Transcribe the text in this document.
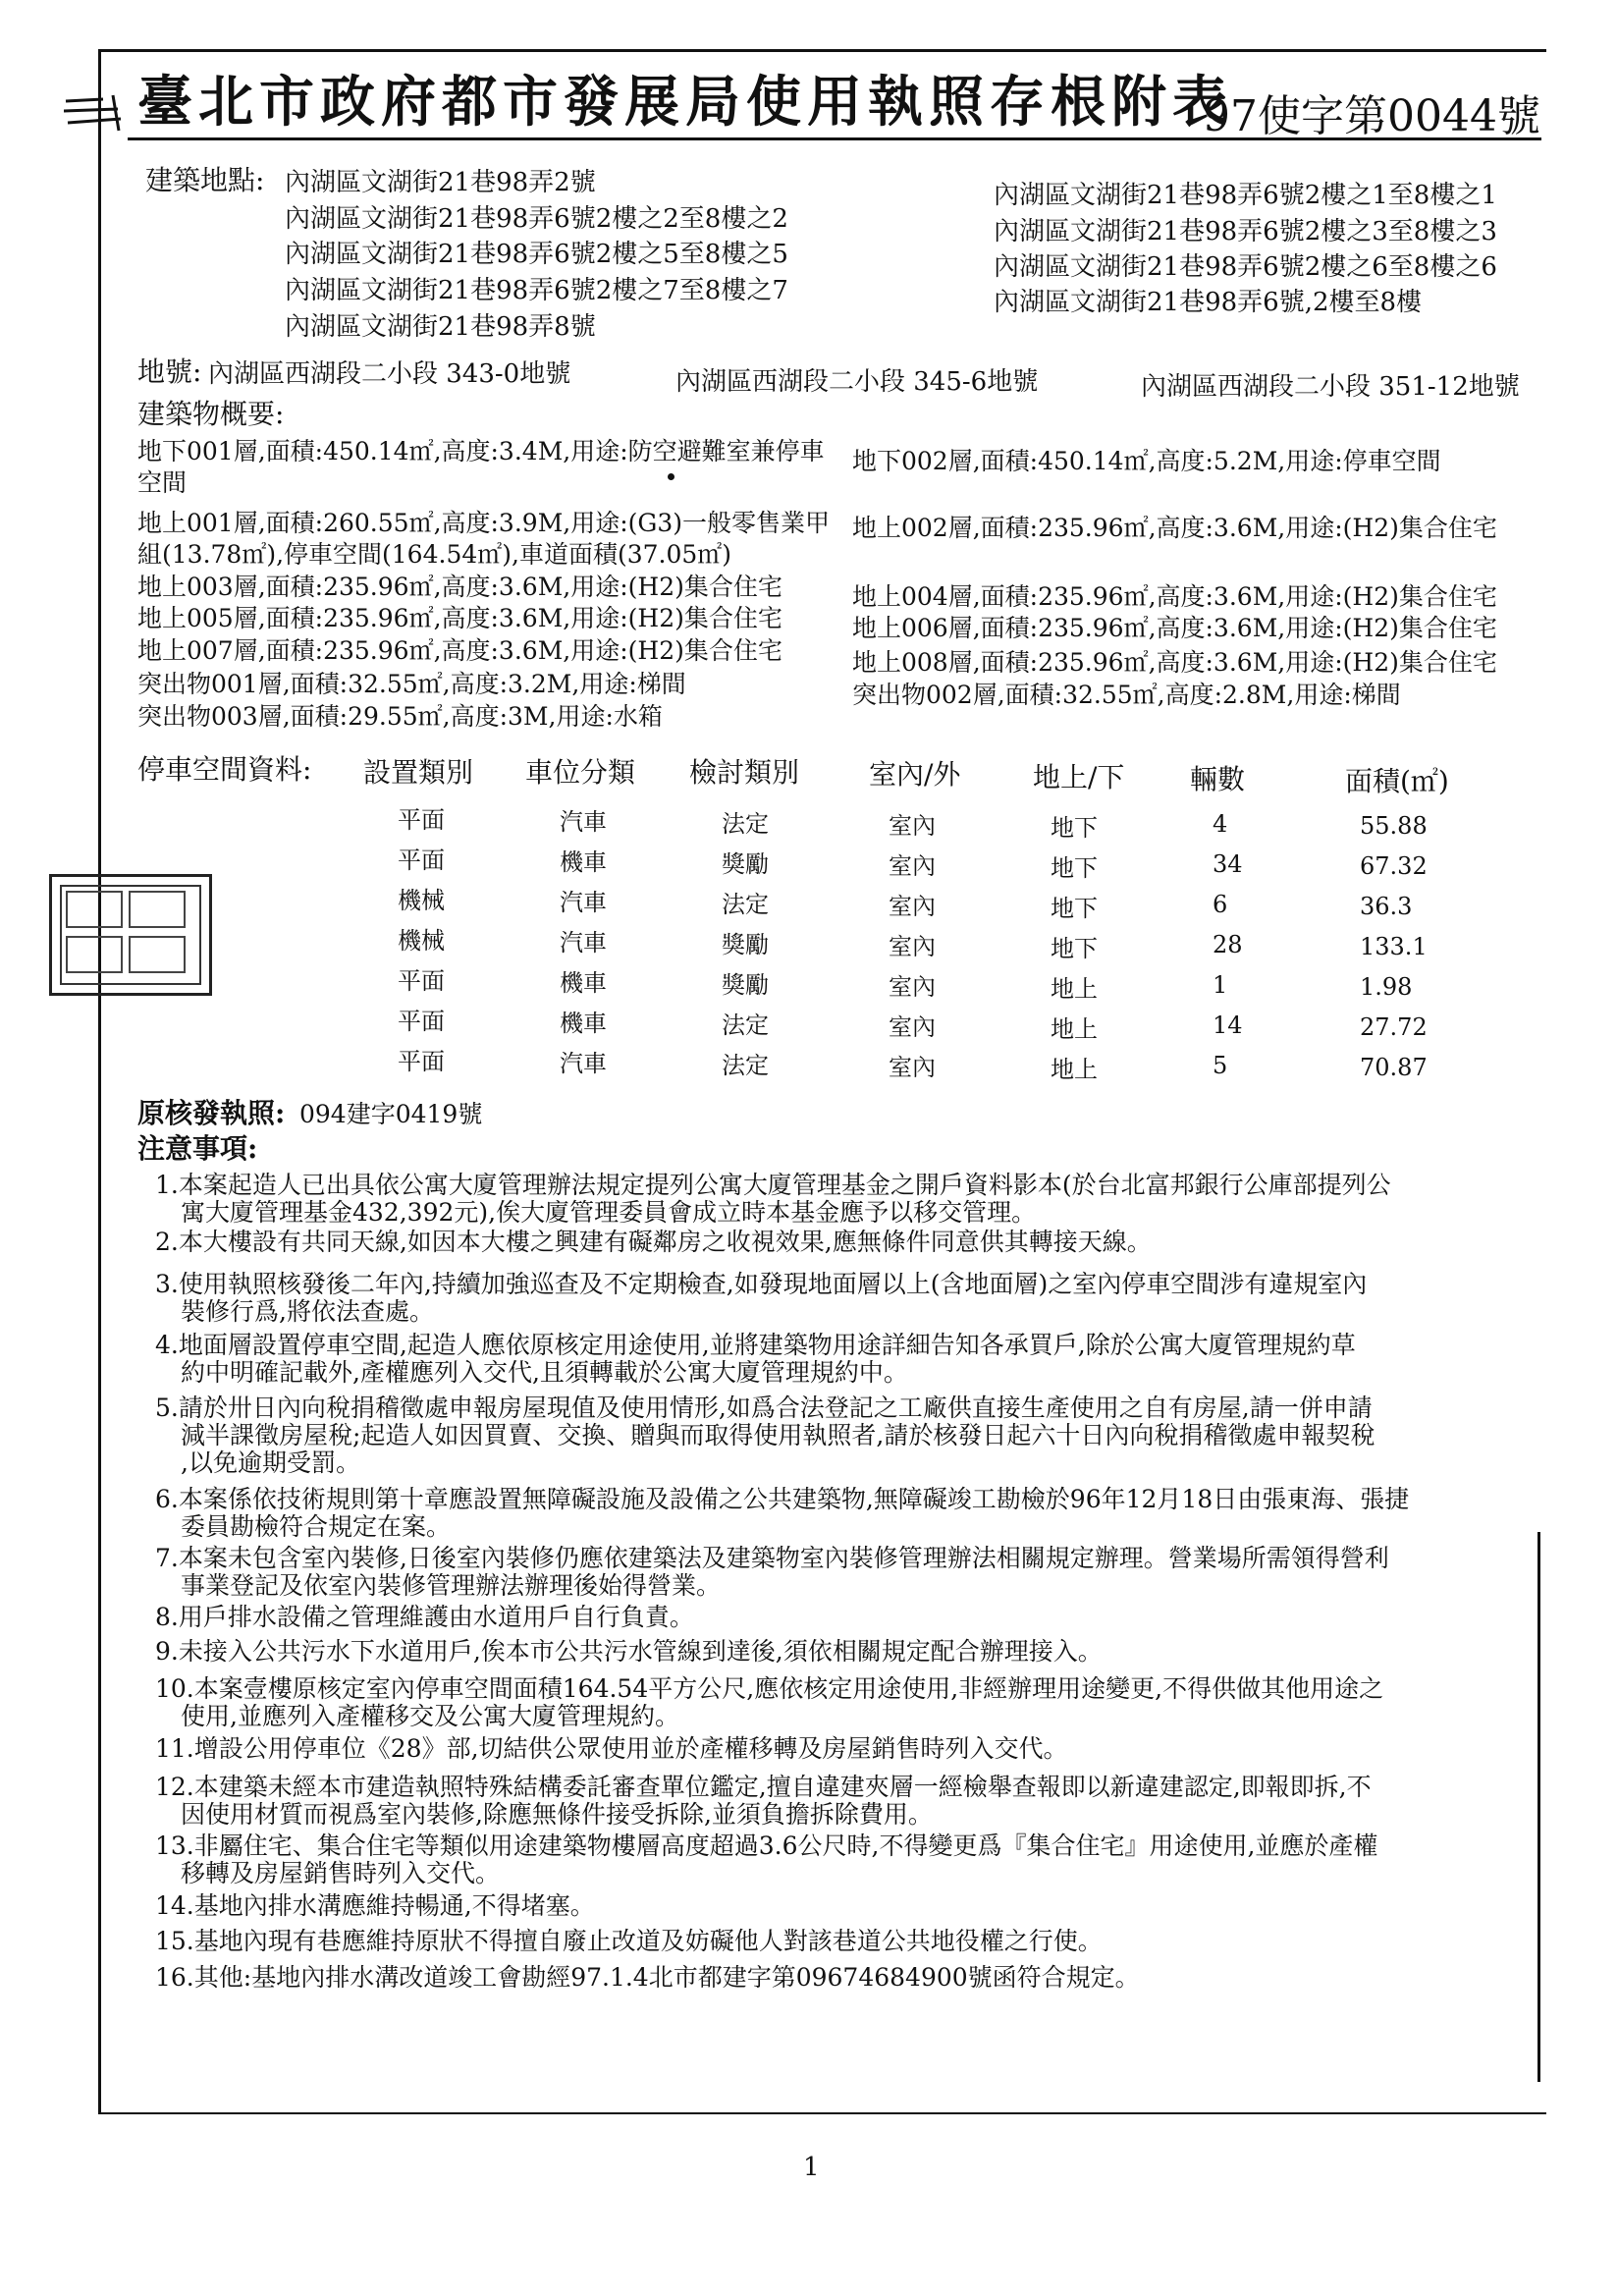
臺北市政府都市發展局使用執照存根附表
97使字第0044號
建築地點: 內湖區文湖街21巷98弄2號
內湖區文湖街21巷98弄6號2樓之2至8樓之2
內湖區文湖街21巷98弄6號2樓之5至8樓之5
內湖區文湖街21巷98弄6號2樓之7至8樓之7
內湖區文湖街21巷98弄8號
內湖區文湖街21巷98弄6號2樓之1至8樓之1
內湖區文湖街21巷98弄6號2樓之3至8樓之3
內湖區文湖街21巷98弄6號2樓之6至8樓之6
內湖區文湖街21巷98弄6號,2樓至8樓
地號: 內湖區西湖段二小段 343-0地號	內湖區西湖段二小段 345-6地號	內湖區西湖段二小段 351-12地號
建築物概要:
地下001層,面積:450.14㎡,高度:3.4M,用途:防空避難室兼停車
空間
地上001層,面積:260.55㎡,高度:3.9M,用途:(G3)一般零售業甲
組(13.78㎡),停車空間(164.54㎡),車道面積(37.05㎡)
地上003層,面積:235.96㎡,高度:3.6M,用途:(H2)集合住宅
地上005層,面積:235.96㎡,高度:3.6M,用途:(H2)集合住宅
地上007層,面積:235.96㎡,高度:3.6M,用途:(H2)集合住宅
突出物001層,面積:32.55㎡,高度:3.2M,用途:梯間
突出物003層,面積:29.55㎡,高度:3M,用途:水箱
地下002層,面積:450.14㎡,高度:5.2M,用途:停車空間
地上002層,面積:235.96㎡,高度:3.6M,用途:(H2)集合住宅
地上004層,面積:235.96㎡,高度:3.6M,用途:(H2)集合住宅
地上006層,面積:235.96㎡,高度:3.6M,用途:(H2)集合住宅
地上008層,面積:235.96㎡,高度:3.6M,用途:(H2)集合住宅
突出物002層,面積:32.55㎡,高度:2.8M,用途:梯間
停車空間資料: 設置類別 車位分類 檢討類別	室內/外	地上/下 輛數	面積(㎡)
平面	汽車	法定	室內	地下	4	55.88
平面	機車	獎勵	室內	地下	34	67.32
機械	汽車	法定	室內	地下	6	36.3
機械	汽車	獎勵	室內	地下	28	133.1
平面	機車	獎勵	室內	地上	1	1.98
平面	機車	法定	室內	地上	14	27.72
平面	汽車	法定	室內	地上	5	70.87
原核發執照: 094建字0419號
注意事項:
1.本案起造人已出具依公寓大廈管理辦法規定提列公寓大廈管理基金之開戶資料影本(於台北富邦銀行公庫部提列公
寓大廈管理基金432,392元),俟大廈管理委員會成立時本基金應予以移交管理。
2.本大樓設有共同天線,如因本大樓之興建有礙鄰房之收視效果,應無條件同意供其轉接天線。
3.使用執照核發後二年內,持續加強巡查及不定期檢查,如發現地面層以上(含地面層)之室內停車空間涉有違規室內
裝修行爲,將依法查處。
4.地面層設置停車空間,起造人應依原核定用途使用,並將建築物用途詳細告知各承買戶,除於公寓大廈管理規約草
約中明確記載外,產權應列入交代,且須轉載於公寓大廈管理規約中。
5.請於卅日內向稅捐稽徵處申報房屋現值及使用情形,如爲合法登記之工廠供直接生產使用之自有房屋,請一併申請
減半課徵房屋稅;起造人如因買賣、交換、贈與而取得使用執照者,請於核發日起六十日內向稅捐稽徵處申報契稅
,以免逾期受罰。
6.本案係依技術規則第十章應設置無障礙設施及設備之公共建築物,無障礙竣工勘檢於96年12月18日由張東海、張捷
委員勘檢符合規定在案。
7.本案未包含室內裝修,日後室內裝修仍應依建築法及建築物室內裝修管理辦法相關規定辦理。營業場所需領得營利
事業登記及依室內裝修管理辦法辦理後始得營業。
8.用戶排水設備之管理維護由水道用戶自行負責。
9.未接入公共污水下水道用戶,俟本市公共污水管線到達後,須依相關規定配合辦理接入。
10.本案壹樓原核定室內停車空間面積164.54平方公尺,應依核定用途使用,非經辦理用途變更,不得供做其他用途之
使用,並應列入產權移交及公寓大廈管理規約。
11.增設公用停車位《28》部,切結供公眾使用並於產權移轉及房屋銷售時列入交代。
12.本建築未經本市建造執照特殊結構委託審查單位鑑定,擅自違建夾層一經檢舉查報即以新違建認定,即報即拆,不
因使用材質而視爲室內裝修,除應無條件接受拆除,並須負擔拆除費用。
13.非屬住宅、集合住宅等類似用途建築物樓層高度超過3.6公尺時,不得變更爲『集合住宅』用途使用,並應於產權
移轉及房屋銷售時列入交代。
14.基地內排水溝應維持暢通,不得堵塞。
15.基地內現有巷應維持原狀不得擅自廢止改道及妨礙他人對該巷道公共地役權之行使。
16.其他:基地內排水溝改道竣工會勘經97.1.4北市都建字第09674684900號函符合規定。
1
